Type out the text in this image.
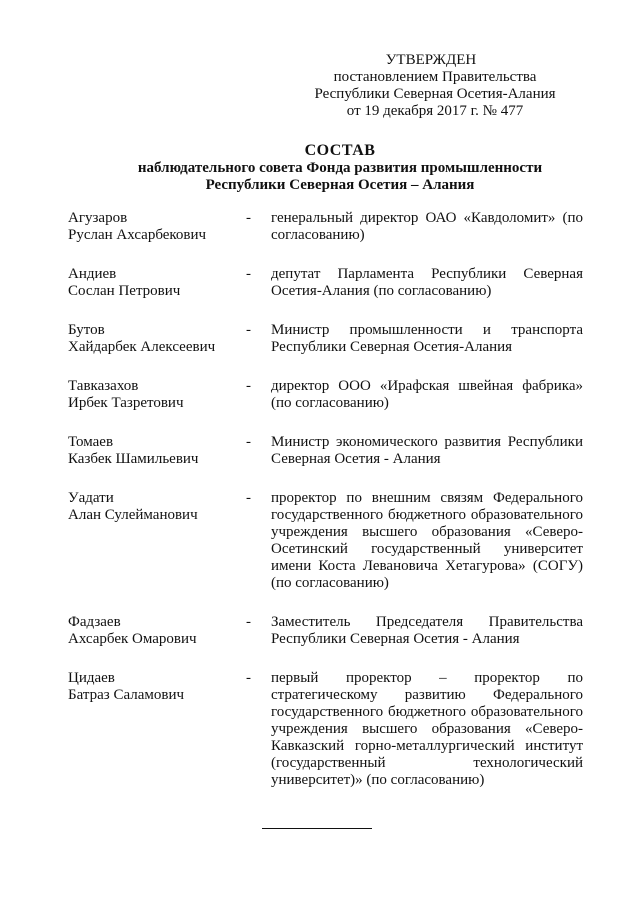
УТВЕРЖДЕН
постановлением Правительства
Республики Северная Осетия-Алания
от 19 декабря 2017 г. № 477
СОСТАВ
наблюдательного совета Фонда развития промышленности
Республики Северная Осетия – Алания
Агузаров
Руслан Ахсарбекович
- генеральный директор ОАО «Кавдоломит» (по согласованию)
Андиев
Сослан Петрович
- депутат Парламента Республики Северная Осетия-Алания (по согласованию)
Бутов
Хайдарбек Алексеевич
- Министр промышленности и транспорта Республики Северная Осетия-Алания
Тавказахов
Ирбек Тазретович
- директор ООО «Ирафская швейная фабрика» (по согласованию)
Томаев
Казбек Шамильевич
- Министр экономического развития Республики Северная Осетия - Алания
Уадати
Алан Сулейманович
- проректор по внешним связям Федерального государственного бюджетного образовательного учреждения высшего образования «Северо-Осетинский государственный университет имени Коста Левановича Хетагурова» (СОГУ) (по согласованию)
Фадзаев
Ахсарбек Омарович
- Заместитель Председателя Правительства Республики Северная Осетия - Алания
Цидаев
Батраз Саламович
- первый проректор – проректор по стратегическому развитию Федерального государственного бюджетного образовательного учреждения высшего образования «Северо-Кавказский горно-металлургический институт (государственный технологический университет)» (по согласованию)
